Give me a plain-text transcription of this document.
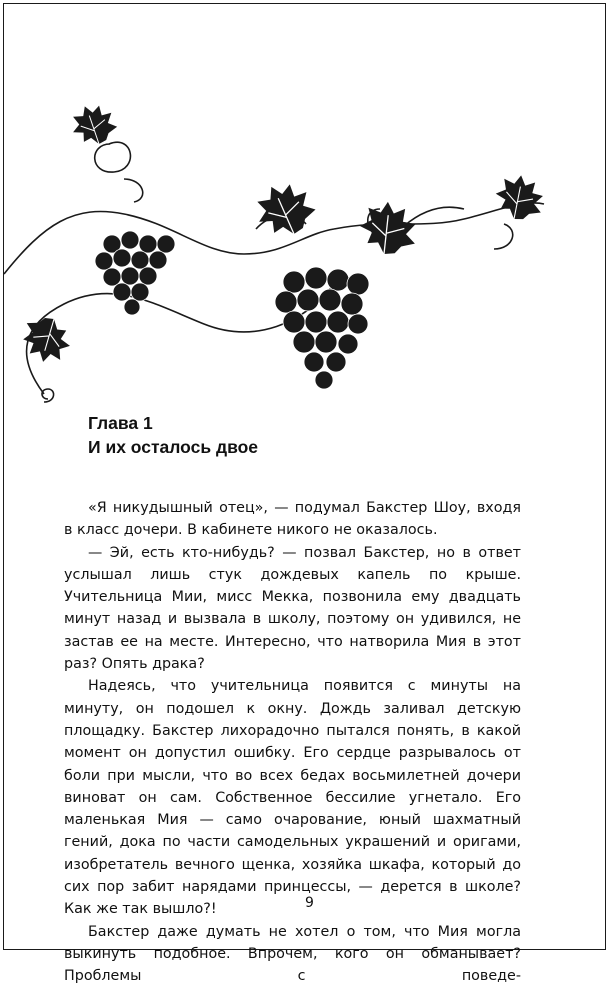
Глава 1
И их осталось двое

«Я никудышный отец», — подумал Бакстер Шоу, входя в класс дочери. В кабинете никого не оказалось.

— Эй, есть кто-нибудь? — позвал Бакстер, но в ответ услышал лишь стук дождевых капель по крыше. Учительница Мии, мисс Мекка, позвонила ему двадцать минут назад и вызвала в школу, поэтому он удивился, не застав ее на месте. Интересно, что натворила Мия в этот раз? Опять драка?

Надеясь, что учительница появится с минуты на минуту, он подошел к окну. Дождь заливал детскую площадку. Бакстер лихорадочно пытался понять, в какой момент он допустил ошибку. Его сердце разрывалось от боли при мысли, что во всех бедах восьмилетней дочери виноват он сам. Собственное бессилие угнетало. Его маленькая Мия — само очарование, юный шахматный гений, дока по части самодельных украшений и оригами, изобретатель вечного щенка, хозяйка шкафа, который до сих пор забит нарядами принцессы, — дерется в школе? Как же так вышло?!

Бакстер даже думать не хотел о том, что Мия могла выкинуть подобное. Впрочем, кого он обманывает? Проблемы с поведе-

9
